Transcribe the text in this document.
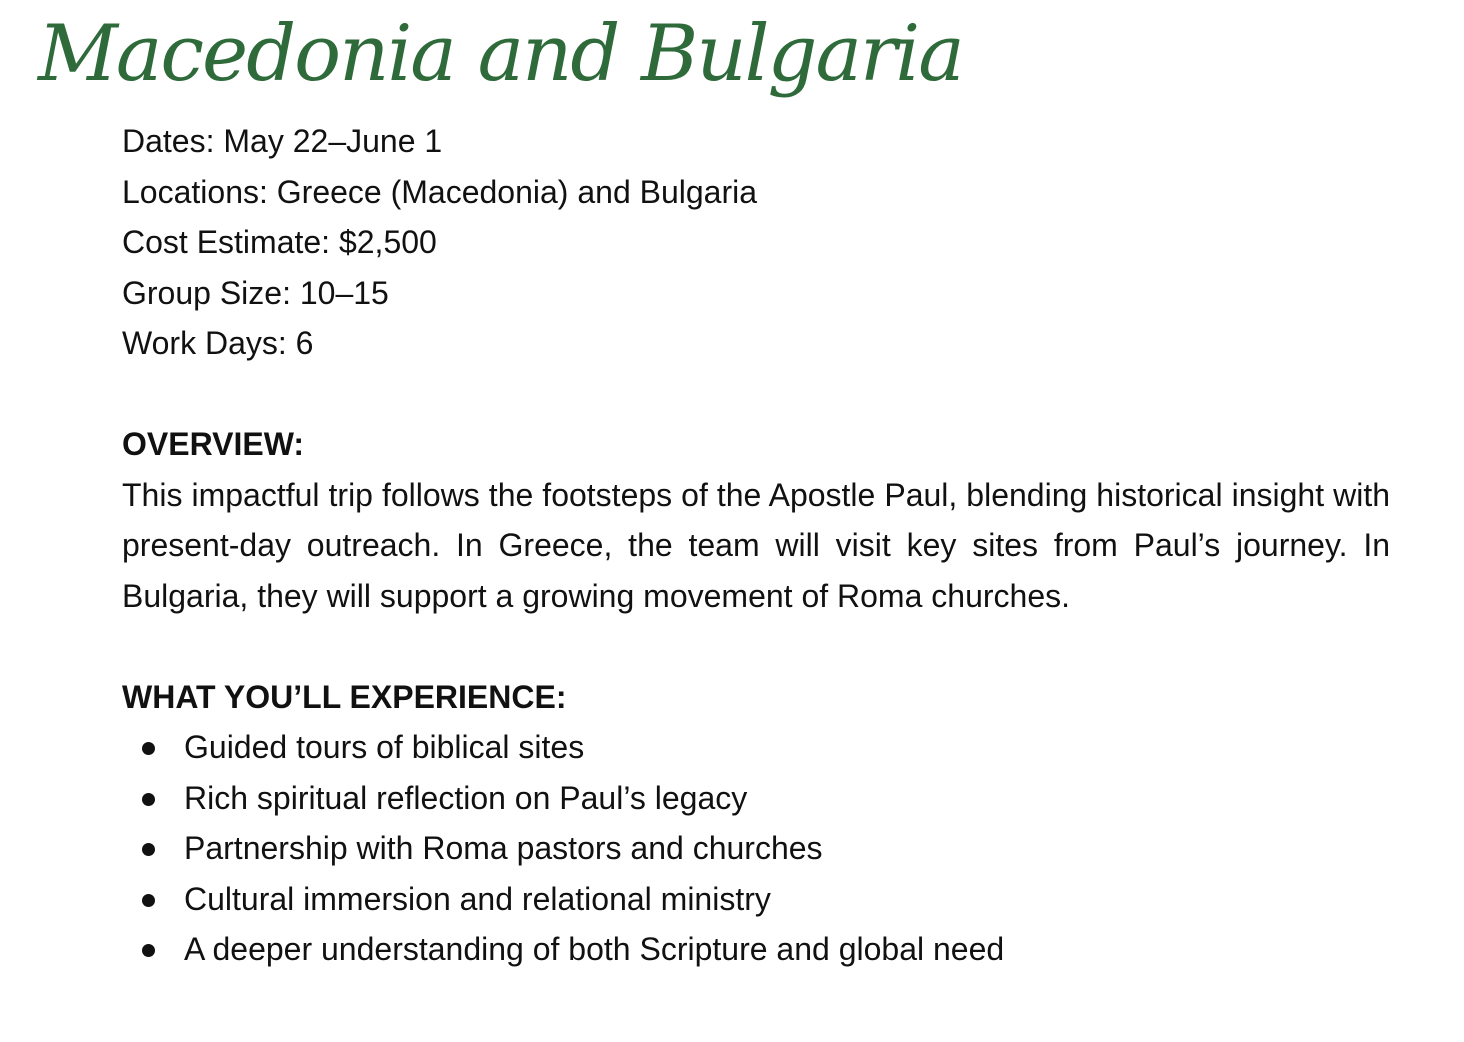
Macedonia and Bulgaria

Dates: May 22–June 1

Locations: Greece (Macedonia) and Bulgaria

Cost Estimate: $2,500

Group Size: 10–15

Work Days: 6

OVERVIEW:

This impactful trip follows the footsteps of the Apostle Paul, blending historical insight with present-day outreach. In Greece, the team will visit key sites from Paul’s journey. In Bulgaria, they will support a growing movement of Roma churches.

WHAT YOU’LL EXPERIENCE:
Guided tours of biblical sites
Rich spiritual reflection on Paul’s legacy
Partnership with Roma pastors and churches
Cultural immersion and relational ministry
A deeper understanding of both Scripture and global need
